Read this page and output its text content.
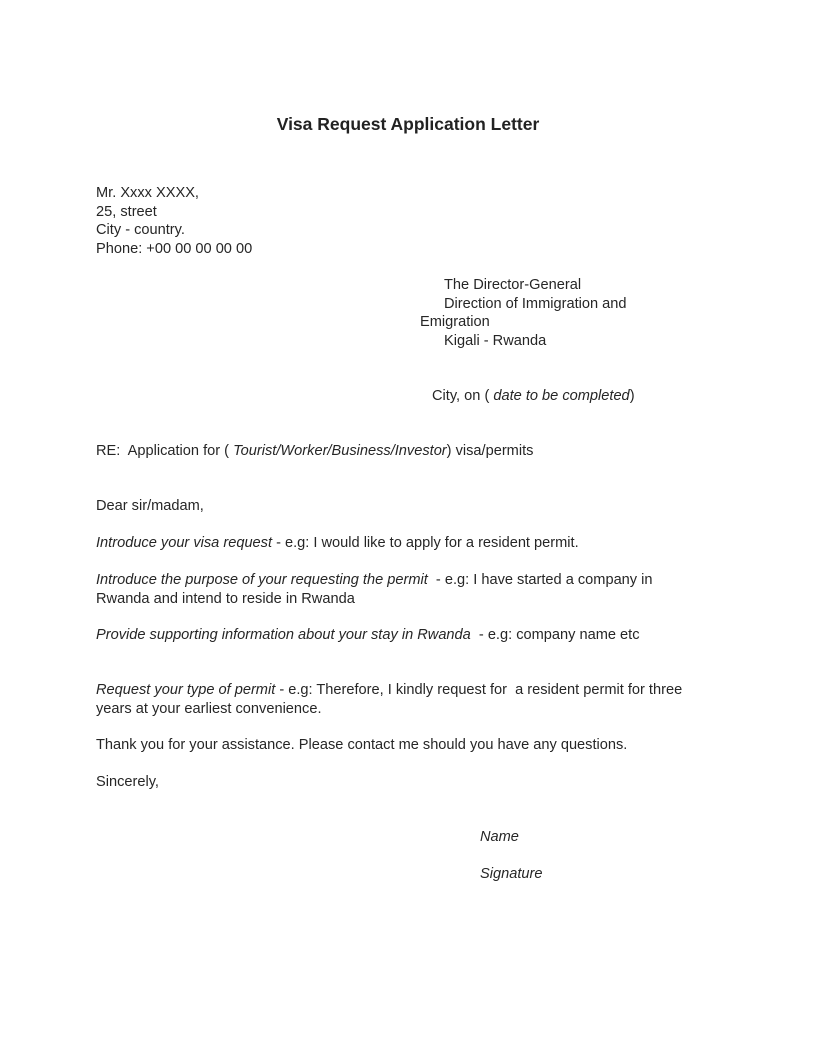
Visa Request Application Letter
Mr. Xxxx XXXX,
25, street
City - country.
Phone: +00 00 00 00 00
The Director-General
Direction of Immigration and
Emigration
Kigali - Rwanda
City, on ( date to be completed)
RE:  Application for ( Tourist/Worker/Business/Investor) visa/permits
Dear sir/madam,
Introduce your visa request - e.g: I would like to apply for a resident permit.
Introduce the purpose of your requesting the permit  - e.g: I have started a company in Rwanda and intend to reside in Rwanda
Provide supporting information about your stay in Rwanda  - e.g: company name etc
Request your type of permit - e.g: Therefore, I kindly request for  a resident permit for three years at your earliest convenience.
Thank you for your assistance. Please contact me should you have any questions.
Sincerely,
Name
Signature
